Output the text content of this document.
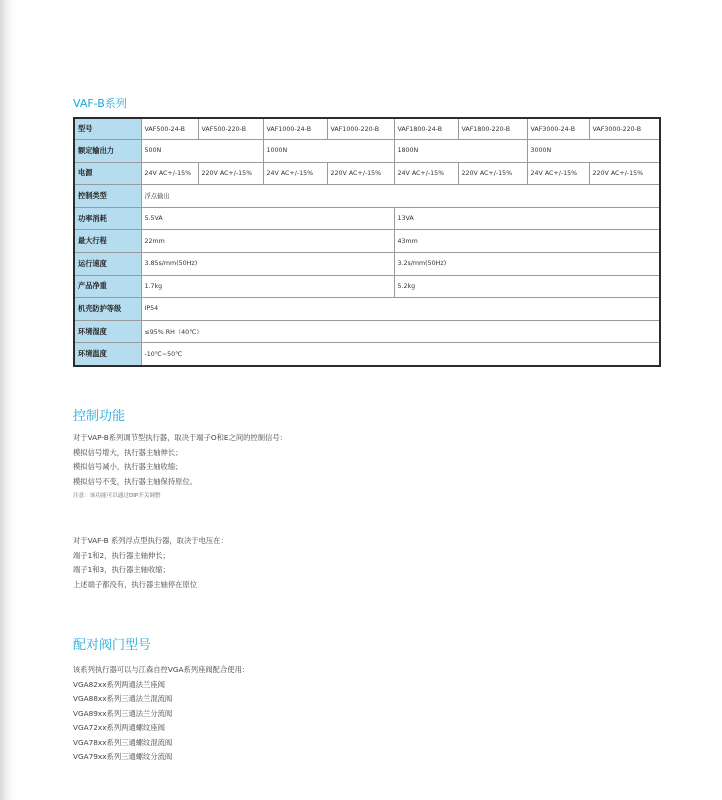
VAF-B系列
型号	VAF500-24-B	VAF500-220-B	VAF1000-24-B	VAF1000-220-B	VAF1800-24-B	VAF1800-220-B	VAF3000-24-B	VAF3000-220-B
额定输出力	500N		1000N		1800N		3000N	
电源	24V AC+/-15%	220V AC+/-15%	24V AC+/-15%	220V AC+/-15%	24V AC+/-15%	220V AC+/-15%	24V AC+/-15%	220V AC+/-15%
控制类型	浮点输出							
功率消耗	5.5VA				13VA			
最大行程	22mm				43mm			
运行速度	3.85s/mm(50Hz)				3.2s/mm(50Hz)			
产品净重	1.7kg				5.2kg			
机壳防护等级	IP54							
环境湿度	≤95% RH（40℃）							
环境温度	-10℃~50℃							
控制功能
对于VAP-B系列调节型执行器，取决于端子O和E之间的控制信号：
模拟信号增大，执行器主轴伸长；
模拟信号减小，执行器主轴收缩；
模拟信号不变，执行器主轴保持原位。
注意：该功能可以通过DIP开关调整
对于VAF-B 系列浮点型执行器，取决于电压在：
端子1和2，执行器主轴伸长；
端子1和3，执行器主轴收缩；
上述端子都没有，执行器主轴停在原位
配对阀门型号
该系列执行器可以与江森自控VGA系列座阀配合使用：
VGA82xx系列两通法兰座阀
VGA88xx系列三通法兰混流阀
VGA89xx系列三通法兰分流阀
VGA72xx系列两通螺纹座阀
VGA78xx系列三通螺纹混流阀
VGA79xx系列三通螺纹分流阀
